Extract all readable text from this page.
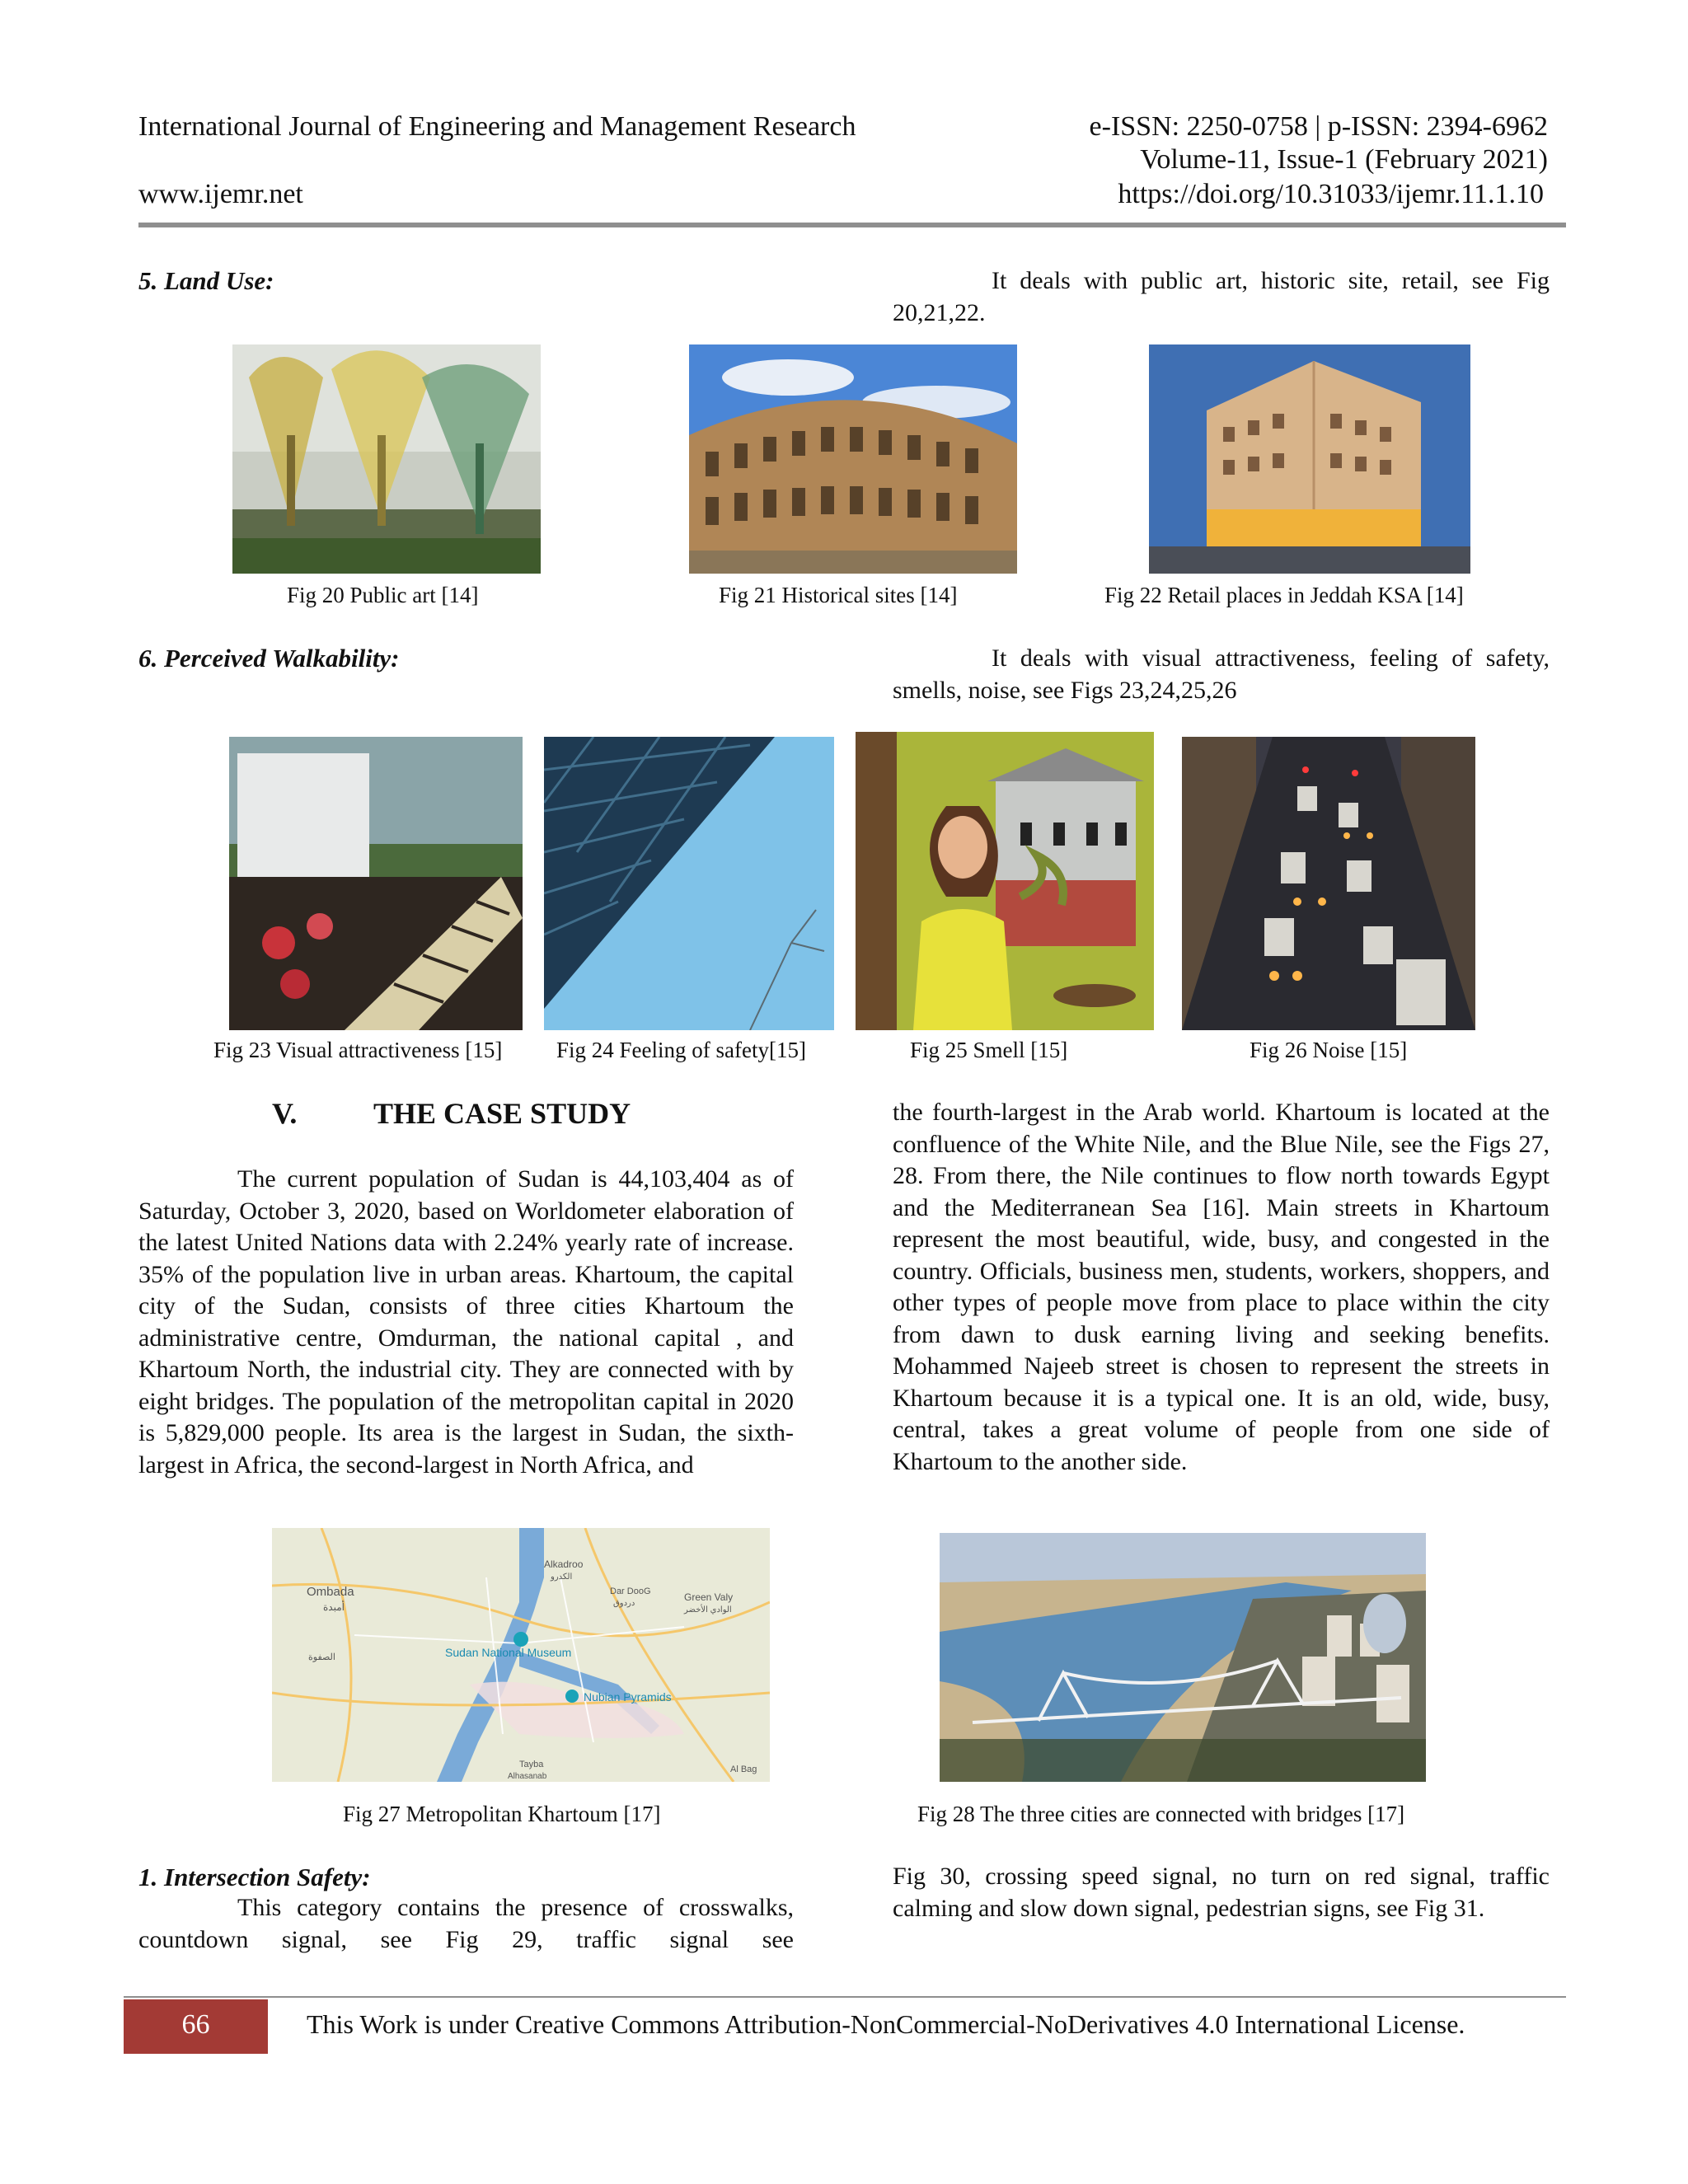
International Journal of Engineering and Management Research	e-ISSN: 2250-0758 | p-ISSN: 2394-6962
Volume-11, Issue-1 (February 2021)
www.ijemr.net	https://doi.org/10.31033/ijemr.11.1.10
5. Land Use:	It deals with public art, historic site, retail, see Fig 20,21,22.
Fig 20 Public art [14]	Fig 21 Historical sites [14]	Fig 22 Retail places in Jeddah KSA [14]
6. Perceived Walkability:	It deals with visual attractiveness, feeling of safety, smells, noise, see Figs 23,24,25,26
Fig 23 Visual attractiveness [15] Fig 24 Feeling of safety[15]	Fig 25 Smell [15]	Fig 26 Noise [15]
V.	THE CASE STUDY
The current population of Sudan is 44,103,404 as of Saturday, October 3, 2020, based on Worldometer elaboration of the latest United Nations data with 2.24% yearly rate of increase. 35% of the population live in urban areas. Khartoum, the capital city of the Sudan, consists of three cities Khartoum the administrative centre, Omdurman, the national capital , and Khartoum North, the industrial city. They are connected with by eight bridges. The population of the metropolitan capital in 2020 is 5,829,000 people. Its area is the largest in Sudan, the sixth-largest in Africa, the second-largest in North Africa, and
the fourth-largest in the Arab world. Khartoum is located at the confluence of the White Nile, and the Blue Nile, see the Figs 27, 28. From there, the Nile continues to flow north towards Egypt and the Mediterranean Sea [16]. Main streets in Khartoum represent the most beautiful, wide, busy, and congested in the country. Officials, business men, students, workers, shoppers, and other types of people move from place to place within the city from dawn to dusk earning living and seeking benefits. Mohammed Najeeb street is chosen to represent the streets in Khartoum because it is a typical one. It is an old, wide, busy, central, takes a great volume of people from one side of Khartoum to the another side.
Ombada
أمبدة
الصفوة
Alkadroo
الكدرو
Dar DooG
دردوق
Green Valy
الوادي الأخضر
Sudan National Museum
Nubian Pyramids
Tayba
Alhasanab
Al Bag
Fig 27 Metropolitan Khartoum [17]	Fig 28 The three cities are connected with bridges [17]
1. Intersection Safety:
This category contains the presence of crosswalks, countdown signal, see Fig 29, traffic signal see
Fig 30, crossing speed signal, no turn on red signal, traffic calming and slow down signal, pedestrian signs, see Fig 31.
66	This Work is under Creative Commons Attribution-NonCommercial-NoDerivatives 4.0 International License.
